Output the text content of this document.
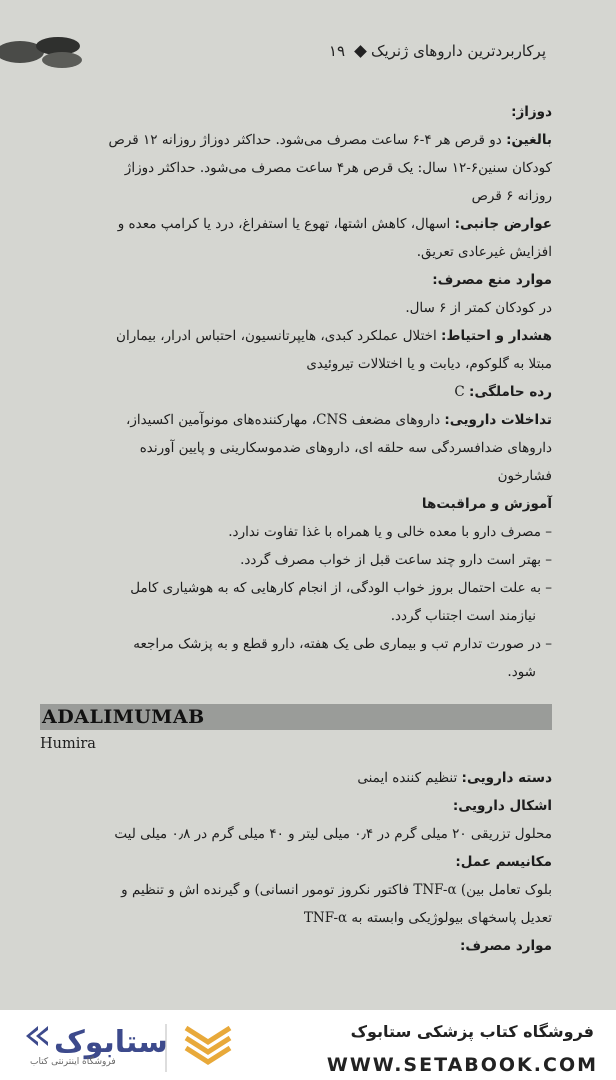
پرکاربردترین داروهای ژنریک۱۹

دوزاژ:

بالغین: دو قرص هر ۴-۶ ساعت مصرف می‌شود. حداکثر دوزاژ روزانه ۱۲ قرص

کودکان سنین۶-۱۲ سال: یک قرص هر۴ ساعت مصرف می‌شود. حداکثر دوزاژ

روزانه ۶ قرص

عوارض جانبی: اسهال، کاهش اشتها، تهوع یا استفراغ، درد یا کرامپ معده و

افزایش غیرعادی تعریق.

موارد منع مصرف:

در کودکان کمتر از ۶ سال.

هشدار و احتیاط: اختلال عملکرد کبدی، هایپرتانسیون، احتباس ادرار، بیماران

مبتلا به گلوکوم، دیابت و یا اختلالات تیروئیدی

رده حاملگی: C

تداخلات دارویی: داروهای مضعف CNS، مهارکننده‌های مونوآمین اکسیداز،

داروهای ضدافسردگی سه حلقه ای، داروهای ضدموسکارینی و پایین آورنده

فشارخون

آموزش و مراقبت‌ها

– مصرف دارو با معده خالی و یا همراه با غذا تفاوت ندارد.

– بهتر است دارو چند ساعت قبل از خواب مصرف گردد.

– به علت احتمال بروز خواب الودگی، از انجام کارهایی که به هوشیاری کامل

نیازمند است اجتناب گردد.

– در صورت تدارم تب و بیماری طی یک هفته، دارو قطع و به پزشک مراجعه

شود.

ADALIMUMAB

Humira

دسته دارویی: تنظیم کننده ایمنی

اشکال دارویی:

محلول تزریقی ۲۰ میلی گرم در ۰٫۴ میلی لیتر و ۴۰ میلی گرم در ۰٫۸ میلی لیت

مکانیسم عمل:

بلوک تعامل بین) TNF-α فاکتور نکروز تومور انسانی) و گیرنده اش و تنظیم و

تعدیل پاسخهای بیولوژیکی وابسته به TNF-α

موارد مصرف:

ستابوک
فروشگاه اینترنتی کتاب
فروشگاه کتاب پزشکی ستابوک
WWW.SETABOOK.COM
